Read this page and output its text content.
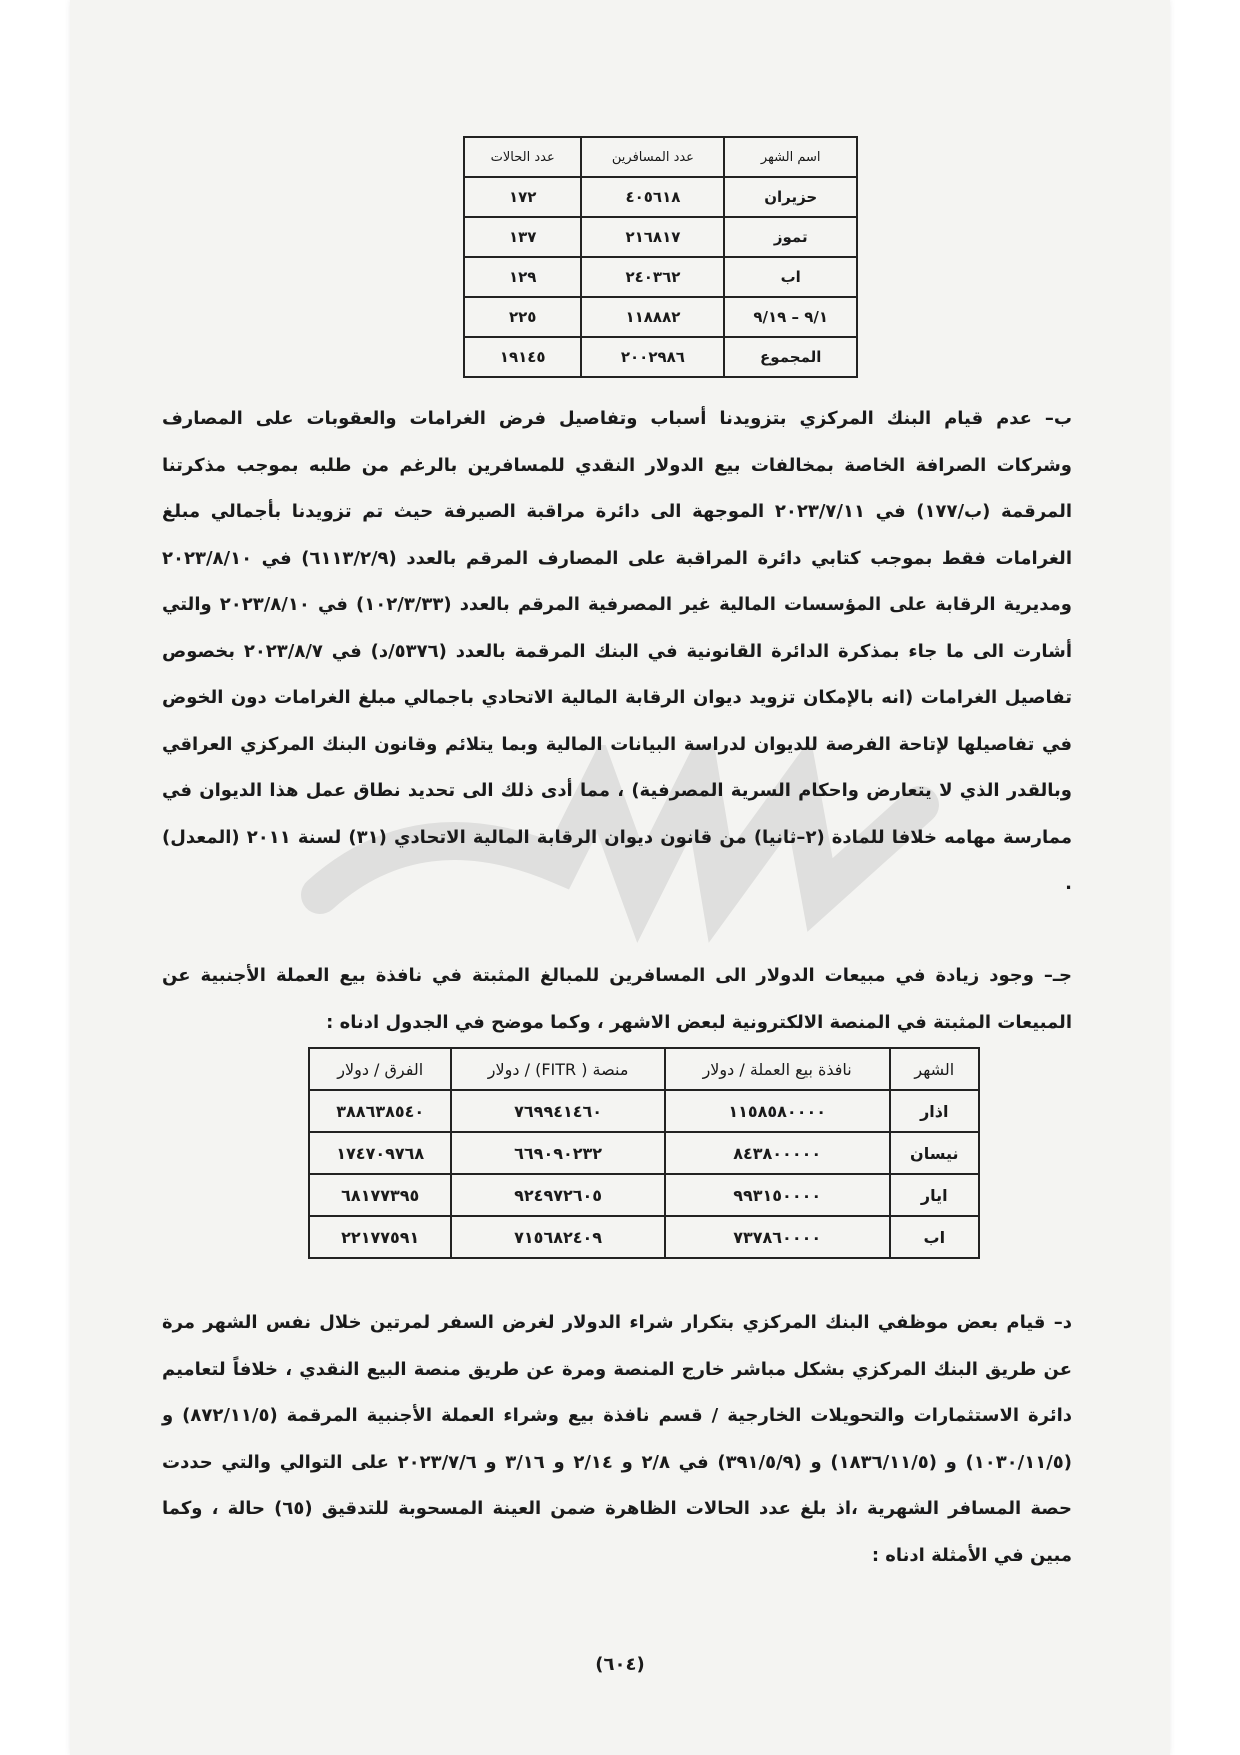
اسم الشهر	عدد المسافرين	عدد الحالات
حزيران	٤٠٥٦١٨	١٧٢
تموز	٢١٦٨١٧	١٣٧
اب	٢٤٠٣٦٢	١٢٩
٩/١ – ٩/١٩	١١٨٨٨٢	٢٢٥
المجموع	٢٠٠٢٩٨٦	١٩١٤٥

ب– عدم قيام البنك المركزي بتزويدنا أسباب وتفاصيل فرض الغرامات والعقوبات على المصارف وشركات الصرافة الخاصة بمخالفات بيع الدولار النقدي للمسافرين بالرغم من طلبه بموجب مذكرتنا المرقمة (ب/١٧٧) في ٢٠٢٣/٧/١١ الموجهة الى دائرة مراقبة الصيرفة حيث تم تزويدنا بأجمالي مبلغ الغرامات فقط بموجب كتابي دائرة المراقبة على المصارف المرقم بالعدد (٦١١٣/٢/٩) في ٢٠٢٣/٨/١٠ ومديرية الرقابة على المؤسسات المالية غير المصرفية المرقم بالعدد (١٠٢/٣/٣٣) في ٢٠٢٣/٨/١٠ والتي أشارت الى ما جاء بمذكرة الدائرة القانونية في البنك المرقمة بالعدد (٥٣٧٦/د) في ٢٠٢٣/٨/٧ بخصوص تفاصيل الغرامات (انه بالإمكان تزويد ديوان الرقابة المالية الاتحادي باجمالي مبلغ الغرامات دون الخوض في تفاصيلها لإتاحة الفرصة للديوان لدراسة البيانات المالية وبما يتلائم وقانون البنك المركزي العراقي وبالقدر الذي لا يتعارض واحكام السرية المصرفية) ، مما أدى ذلك الى تحديد نطاق عمل هذا الديوان في ممارسة مهامه خلافا للمادة (٢–ثانيا) من قانون ديوان الرقابة المالية الاتحادي (٣١) لسنة ٢٠١١ (المعدل) .

جـ– وجود زيادة في مبيعات الدولار الى المسافرين للمبالغ المثبتة في نافذة بيع العملة الأجنبية عن المبيعات المثبتة في المنصة الالكترونية لبعض الاشهر ، وكما موضح في الجدول ادناه :

الشهر	نافذة بيع العملة / دولار	منصة ( FITR) / دولار	الفرق / دولار
اذار	١١٥٨٥٨٠٠٠٠	٧٦٩٩٤١٤٦٠	٣٨٨٦٣٨٥٤٠
نيسان	٨٤٣٨٠٠٠٠٠	٦٦٩٠٩٠٢٣٢	١٧٤٧٠٩٧٦٨
ايار	٩٩٣١٥٠٠٠٠	٩٢٤٩٧٢٦٠٥	٦٨١٧٧٣٩٥
اب	٧٣٧٨٦٠٠٠٠	٧١٥٦٨٢٤٠٩	٢٢١٧٧٥٩١

د– قيام بعض موظفي البنك المركزي بتكرار شراء الدولار لغرض السفر لمرتين خلال نفس الشهر مرة عن طريق البنك المركزي بشكل مباشر خارج المنصة ومرة عن طريق منصة البيع النقدي ، خلافاً لتعاميم دائرة الاستثمارات والتحويلات الخارجية / قسم نافذة بيع وشراء العملة الأجنبية المرقمة (٨٧٢/١١/٥) و (١٠٣٠/١١/٥) و (١٨٣٦/١١/٥) و (٣٩١/٥/٩) في ٢/٨ و ٢/١٤ و ٣/١٦ و ٢٠٢٣/٧/٦ على التوالي والتي حددت حصة المسافر الشهرية ،اذ بلغ عدد الحالات الظاهرة ضمن العينة المسحوبة للتدقيق (٦٥) حالة ، وكما مبين في الأمثلة ادناه :

(٦٠٤)
